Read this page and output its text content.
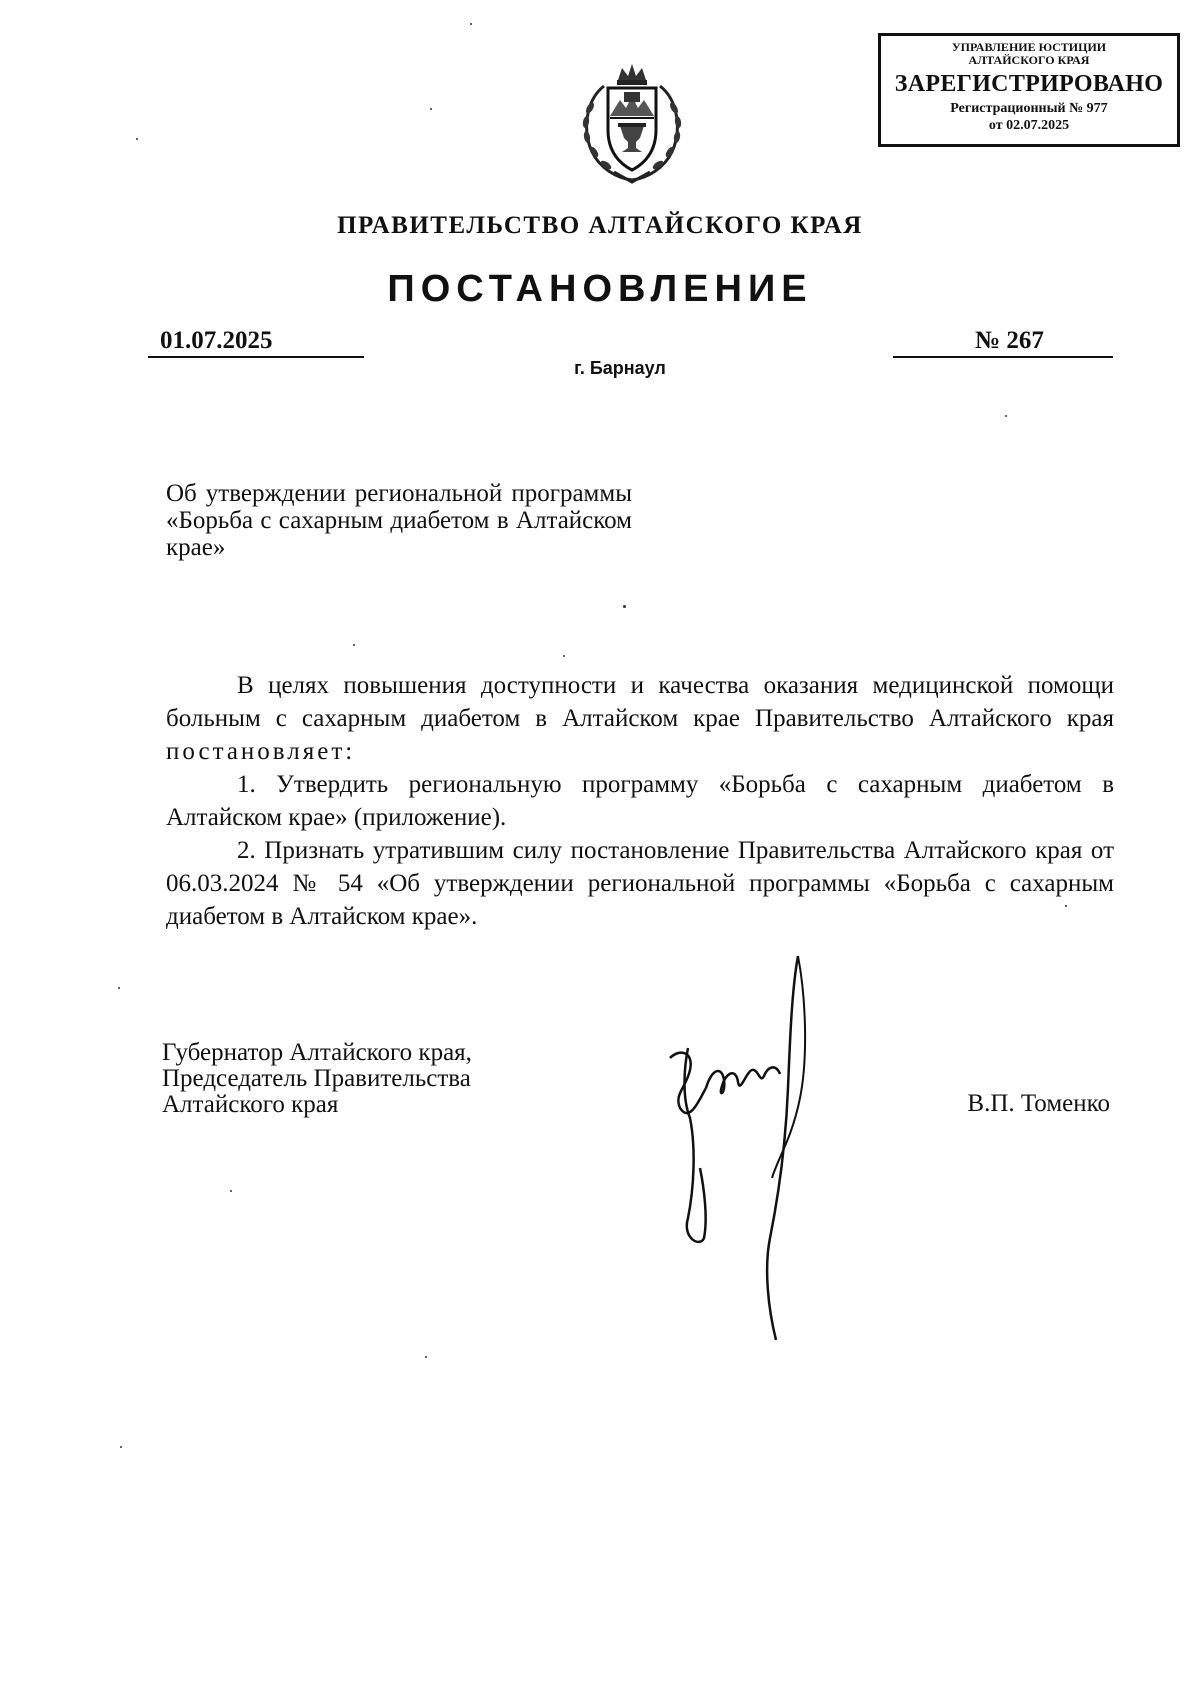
УПРАВЛЕНИЕ ЮСТИЦИИ
АЛТАЙСКОГО КРАЯ
ЗАРЕГИСТРИРОВАНО
Регистрационный № 977
от 02.07.2025
ПРАВИТЕЛЬСТВО АЛТАЙСКОГО КРАЯ
ПОСТАНОВЛЕНИЕ
01.07.2025	№ 267
г. Барнаул
Об утверждении региональной программы «Борьба с сахарным диабетом в Алтайском крае»

В целях повышения доступности и качества оказания медицинской помощи больным с сахарным диабетом в Алтайском крае Правительство Алтайского края постановляет:

1. Утвердить региональную программу «Борьба с сахарным диабетом в Алтайском крае» (приложение).

2. Признать утратившим силу постановление Правительства Алтайского края от 06.03.2024 № 54 «Об утверждении региональной программы «Борьба с сахарным диабетом в Алтайском крае».

Губернатор Алтайского края,
Председатель Правительства
Алтайского края	В.П. Томенко
